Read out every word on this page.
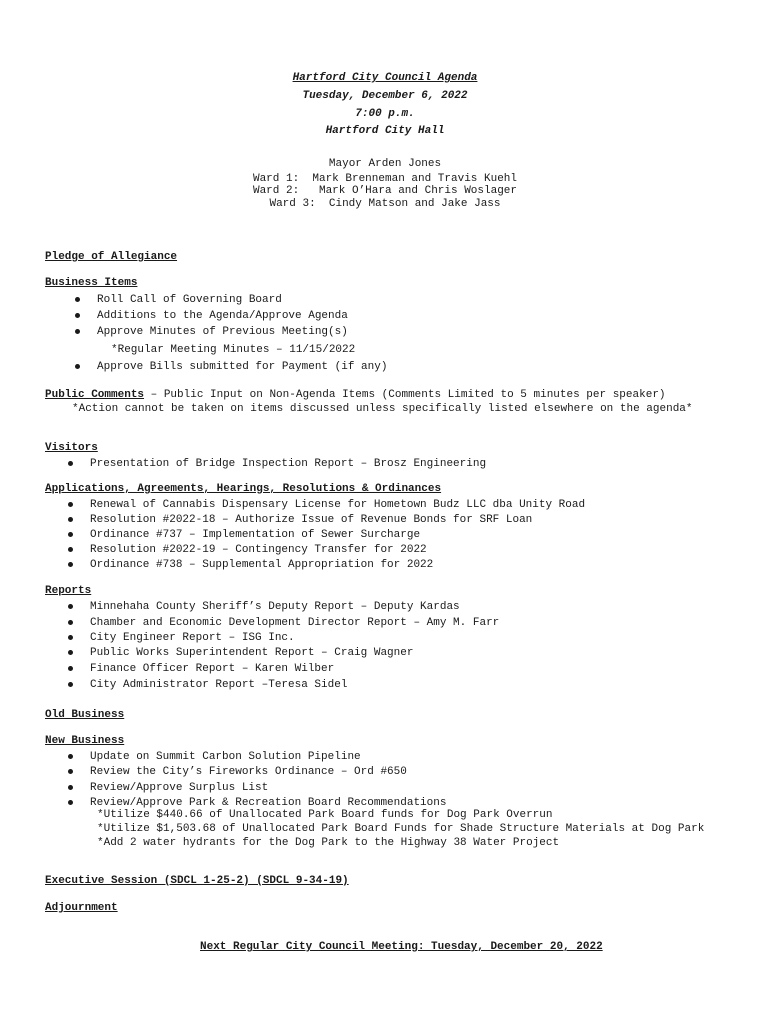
Hartford City Council Agenda
Tuesday, December 6, 2022
7:00 p.m.
Hartford City Hall
Mayor Arden Jones
Ward 1:  Mark Brenneman and Travis Kuehl
Ward 2:   Mark O’Hara and Chris Woslager
Ward 3:  Cindy Matson and Jake Jass
Pledge of Allegiance
Business Items
Roll Call of Governing Board
Additions to the Agenda/Approve Agenda
Approve Minutes of Previous Meeting(s)
*Regular Meeting Minutes – 11/15/2022
Approve Bills submitted for Payment (if any)
Public Comments – Public Input on Non-Agenda Items (Comments Limited to 5 minutes per speaker)
*Action cannot be taken on items discussed unless specifically listed elsewhere on the agenda*
Visitors
Presentation of Bridge Inspection Report – Brosz Engineering
Applications, Agreements, Hearings, Resolutions & Ordinances
Renewal of Cannabis Dispensary License for Hometown Budz LLC dba Unity Road
Resolution #2022-18 – Authorize Issue of Revenue Bonds for SRF Loan
Ordinance #737 – Implementation of Sewer Surcharge
Resolution #2022-19 – Contingency Transfer for 2022
Ordinance #738 – Supplemental Appropriation for 2022
Reports
Minnehaha County Sheriff’s Deputy Report – Deputy Kardas
Chamber and Economic Development Director Report – Amy M. Farr
City Engineer Report – ISG Inc.
Public Works Superintendent Report – Craig Wagner
Finance Officer Report – Karen Wilber
City Administrator Report –Teresa Sidel
Old Business
New Business
Update on Summit Carbon Solution Pipeline
Review the City’s Fireworks Ordinance – Ord #650
Review/Approve Surplus List
Review/Approve Park & Recreation Board Recommendations
*Utilize $440.66 of Unallocated Park Board funds for Dog Park Overrun
*Utilize $1,503.68 of Unallocated Park Board Funds for Shade Structure Materials at Dog Park
*Add 2 water hydrants for the Dog Park to the Highway 38 Water Project
Executive Session (SDCL 1-25-2) (SDCL 9-34-19)
Adjournment
Next Regular City Council Meeting: Tuesday, December 20, 2022
